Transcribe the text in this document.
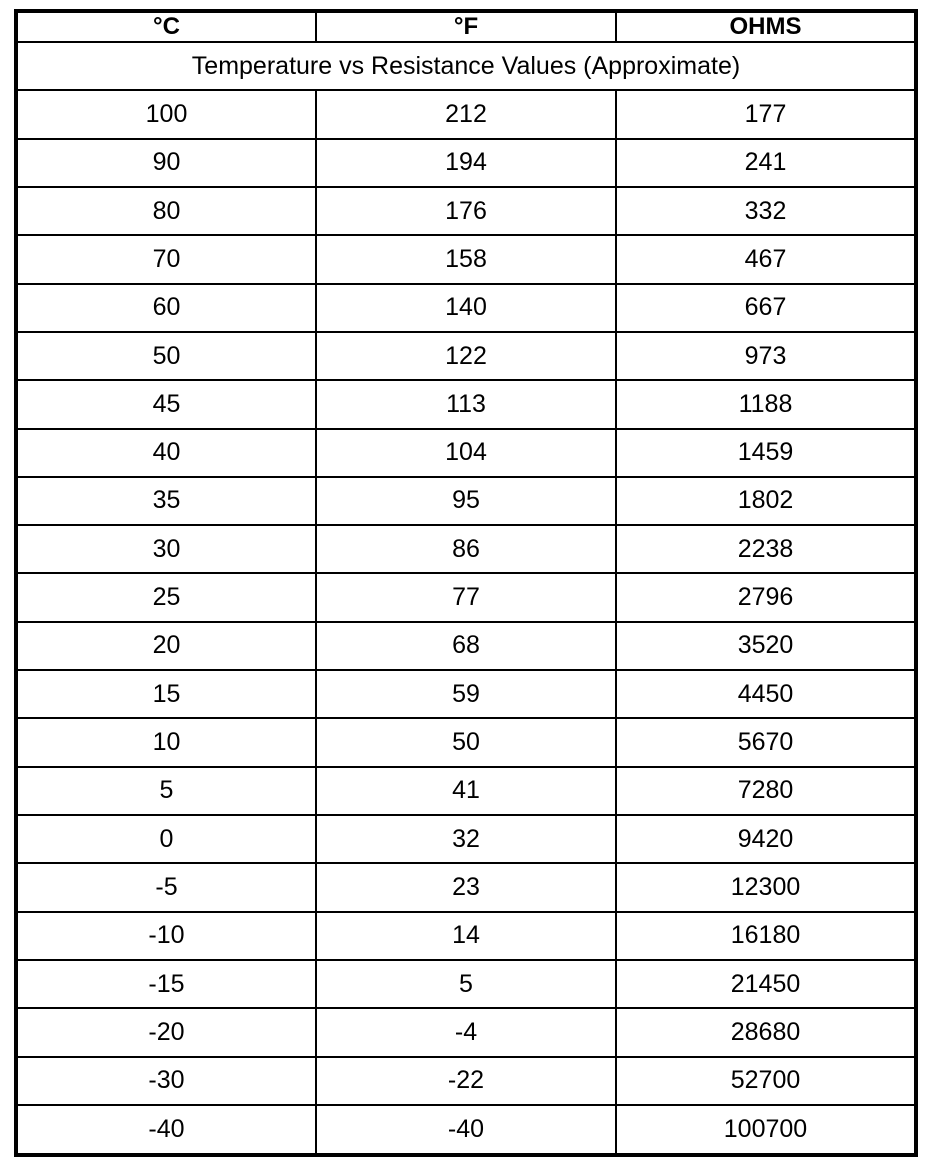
°C	°F	OHMS
Temperature vs Resistance Values (Approximate)		
100	212	177
90	194	241
80	176	332
70	158	467
60	140	667
50	122	973
45	113	1188
40	104	1459
35	95	1802
30	86	2238
25	77	2796
20	68	3520
15	59	4450
10	50	5670
5	41	7280
0	32	9420
-5	23	12300
-10	14	16180
-15	5	21450
-20	-4	28680
-30	-22	52700
-40	-40	100700
